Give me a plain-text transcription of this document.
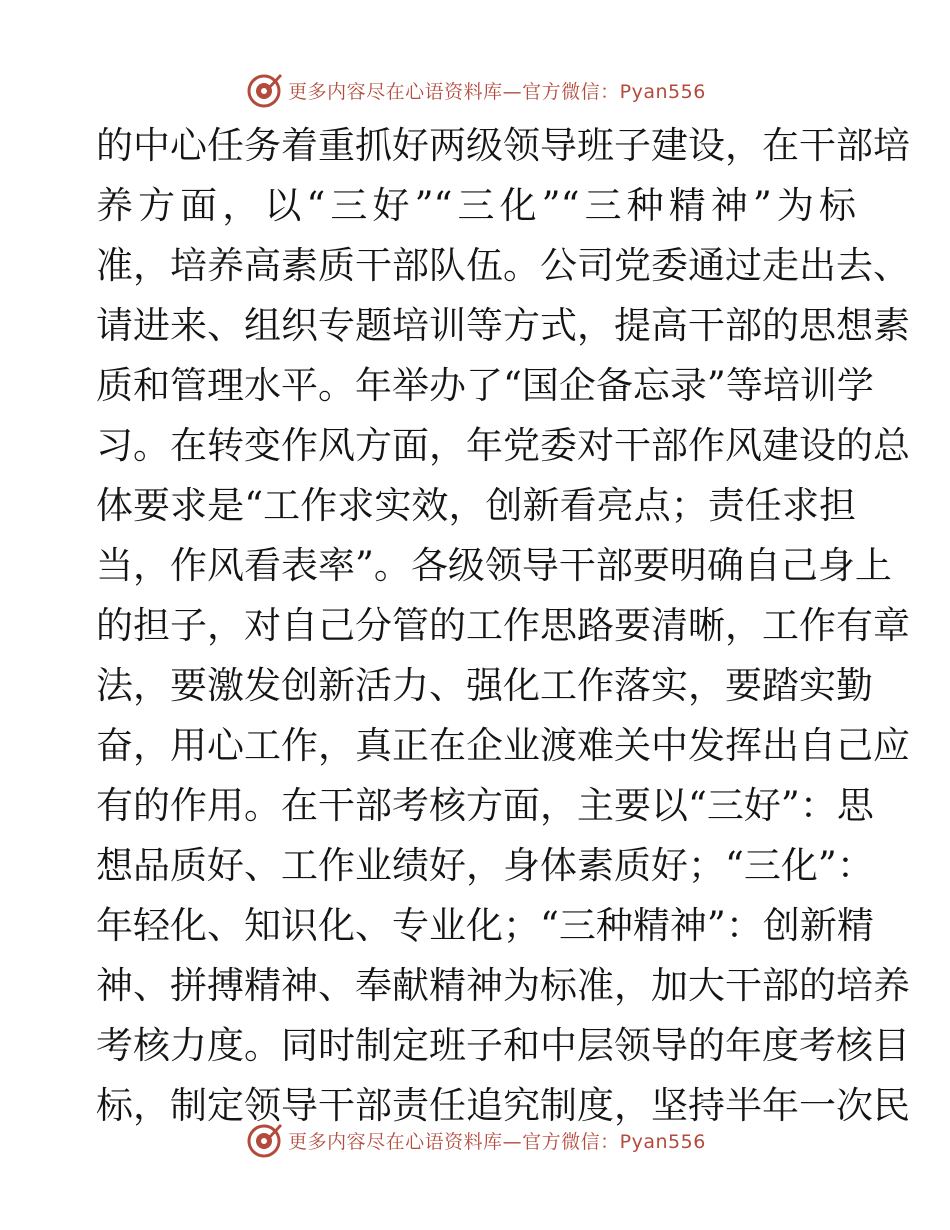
更多内容尽在心语资料库—官方微信：Pyan556
的中心任务着重抓好两级领导班子建设，在干部培
养方面，以“三好”“三化”“三种精神”为标
准，培养高素质干部队伍。公司党委通过走出去、
请进来、组织专题培训等方式，提高干部的思想素
质和管理水平。年举办了“国企备忘录”等培训学
习。在转变作风方面，年党委对干部作风建设的总
体要求是“工作求实效，创新看亮点；责任求担
当，作风看表率”。各级领导干部要明确自己身上
的担子，对自己分管的工作思路要清晰，工作有章
法，要激发创新活力、强化工作落实，要踏实勤
奋，用心工作，真正在企业渡难关中发挥出自己应
有的作用。在干部考核方面，主要以“三好”：思
想品质好、工作业绩好，身体素质好；“三化”：
年轻化、知识化、专业化；“三种精神”：创新精
神、拼搏精神、奉献精神为标准，加大干部的培养
考核力度。同时制定班子和中层领导的年度考核目
标，制定领导干部责任追究制度，坚持半年一次民
更多内容尽在心语资料库—官方微信：Pyan556
